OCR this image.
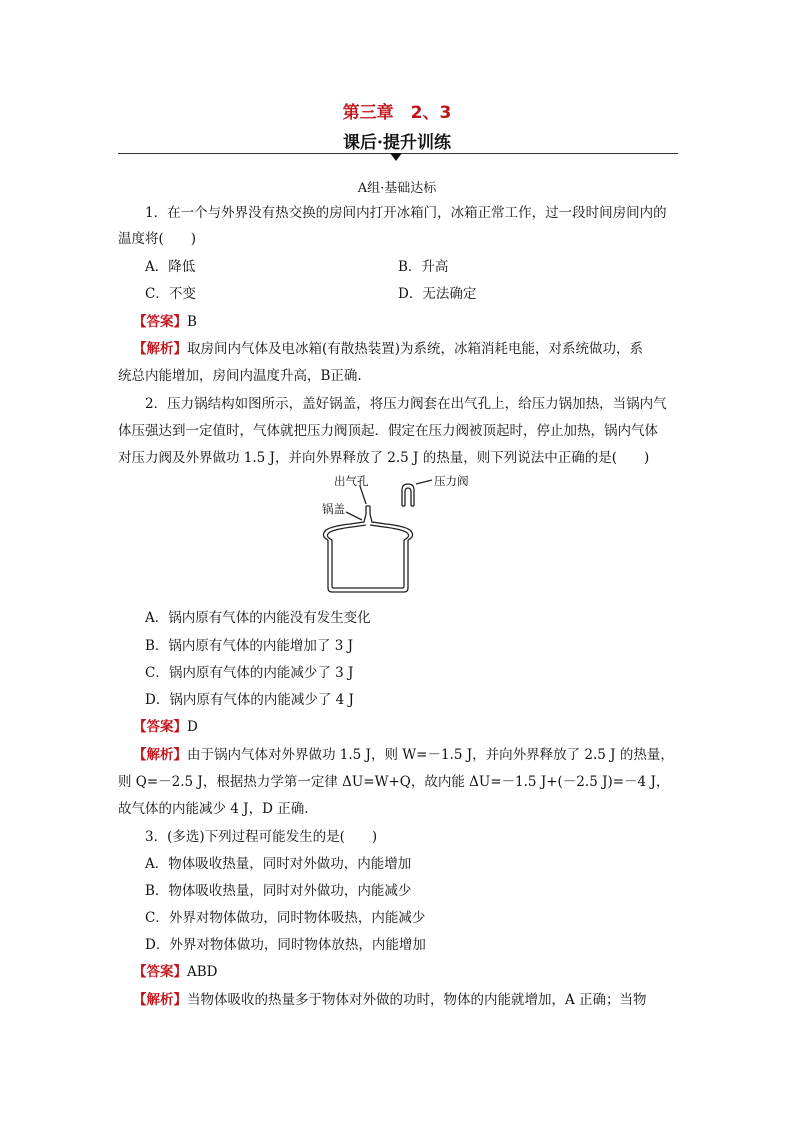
第三章　2、3
课后·提升训练
A组·基础达标
1．在一个与外界没有热交换的房间内打开冰箱门，冰箱正常工作，过一段时间房间内的
温度将(　　)
A．降低	B．升高
C．不变	D．无法确定
【答案】B
【解析】取房间内气体及电冰箱(有散热装置)为系统，冰箱消耗电能，对系统做功，系
统总内能增加，房间内温度升高，B正确.
2．压力锅结构如图所示，盖好锅盖，将压力阀套在出气孔上，给压力锅加热，当锅内气
体压强达到一定值时，气体就把压力阀顶起．假定在压力阀被顶起时，停止加热，锅内气体
对压力阀及外界做功 1.5 J，并向外界释放了 2.5 J 的热量，则下列说法中正确的是(　　)
出气孔	压力阀
锅盖
A．锅内原有气体的内能没有发生变化
B．锅内原有气体的内能增加了 3 J
C．锅内原有气体的内能减少了 3 J
D．锅内原有气体的内能减少了 4 J
【答案】D
【解析】由于锅内气体对外界做功 1.5 J，则 W=－1.5 J，并向外界释放了 2.5 J 的热量，
则 Q=－2.5 J，根据热力学第一定律 ΔU=W+Q，故内能 ΔU=－1.5 J+(－2.5 J)=－4 J，
故气体的内能减少 4 J，D 正确.
3．(多选)下列过程可能发生的是(　　)
A．物体吸收热量，同时对外做功，内能增加
B．物体吸收热量，同时对外做功，内能减少
C．外界对物体做功，同时物体吸热，内能减少
D．外界对物体做功，同时物体放热，内能增加
【答案】ABD
【解析】当物体吸收的热量多于物体对外做的功时，物体的内能就增加，A 正确；当物
